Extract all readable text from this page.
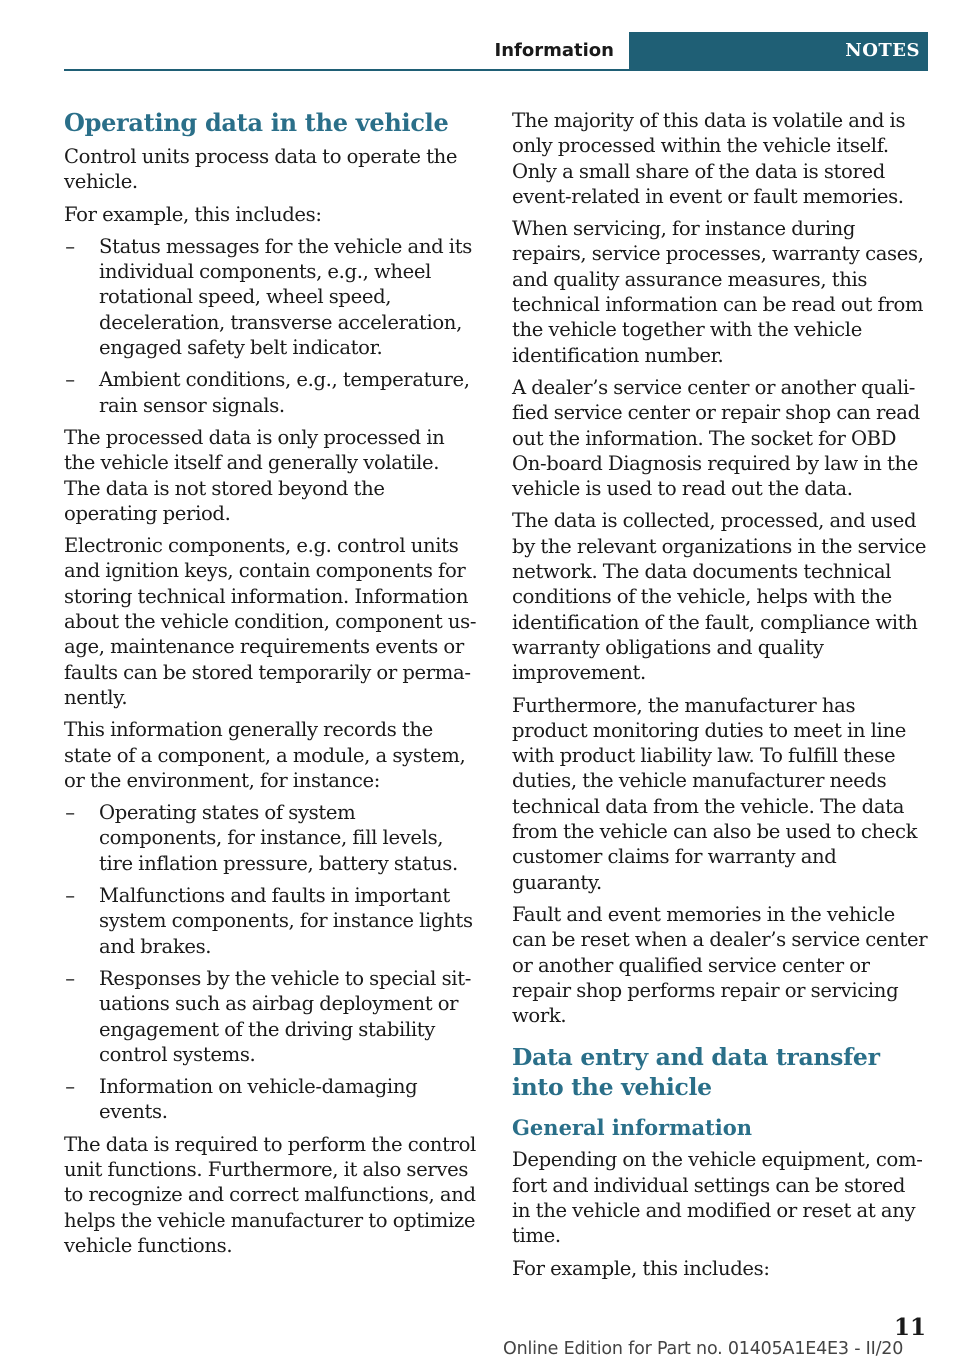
Information	NOTES
Operating data in the vehicle

Control units process data to operate the vehicle.

For example, this includes:

– Status messages for the vehicle and its individual components, e.g., wheel rotational speed, wheel speed, deceleration, transverse acceleration, engaged safety belt indicator.
– Ambient conditions, e.g., temperature, rain sensor signals.

The processed data is only processed in the vehicle itself and generally volatile. The data is not stored beyond the operating period.

Electronic components, e.g. control units and ignition keys, contain components for storing technical information. Information about the vehicle condition, component usage, maintenance requirements events or faults can be stored temporarily or permanently.

This information generally records the state of a component, a module, a system, or the environment, for instance:

– Operating states of system components, for instance, fill levels, tire inflation pressure, battery status.
– Malfunctions and faults in important system components, for instance lights and brakes.
– Responses by the vehicle to special situations such as airbag deployment or engagement of the driving stability control systems.
– Information on vehicle-damaging events.

The data is required to perform the control unit functions. Furthermore, it also serves to recognize and correct malfunctions, and helps the vehicle manufacturer to optimize vehicle functions.

The majority of this data is volatile and is only processed within the vehicle itself. Only a small share of the data is stored event-related in event or fault memories.

When servicing, for instance during repairs, service processes, warranty cases, and quality assurance measures, this technical information can be read out from the vehicle together with the vehicle identification number.

A dealer’s service center or another qualified service center or repair shop can read out the information. The socket for OBD On-board Diagnosis required by law in the vehicle is used to read out the data.

The data is collected, processed, and used by the relevant organizations in the service network. The data documents technical conditions of the vehicle, helps with the identification of the fault, compliance with warranty obligations and quality improvement.

Furthermore, the manufacturer has product monitoring duties to meet in line with product liability law. To fulfill these duties, the vehicle manufacturer needs technical data from the vehicle. The data from the vehicle can also be used to check customer claims for warranty and guaranty.

Fault and event memories in the vehicle can be reset when a dealer’s service center or another qualified service center or repair shop performs repair or servicing work.

Data entry and data transfer into the vehicle
General information

Depending on the vehicle equipment, comfort and individual settings can be stored in the vehicle and modified or reset at any time.

For example, this includes:

11
Online Edition for Part no. 01405A1E4E3 - II/20
